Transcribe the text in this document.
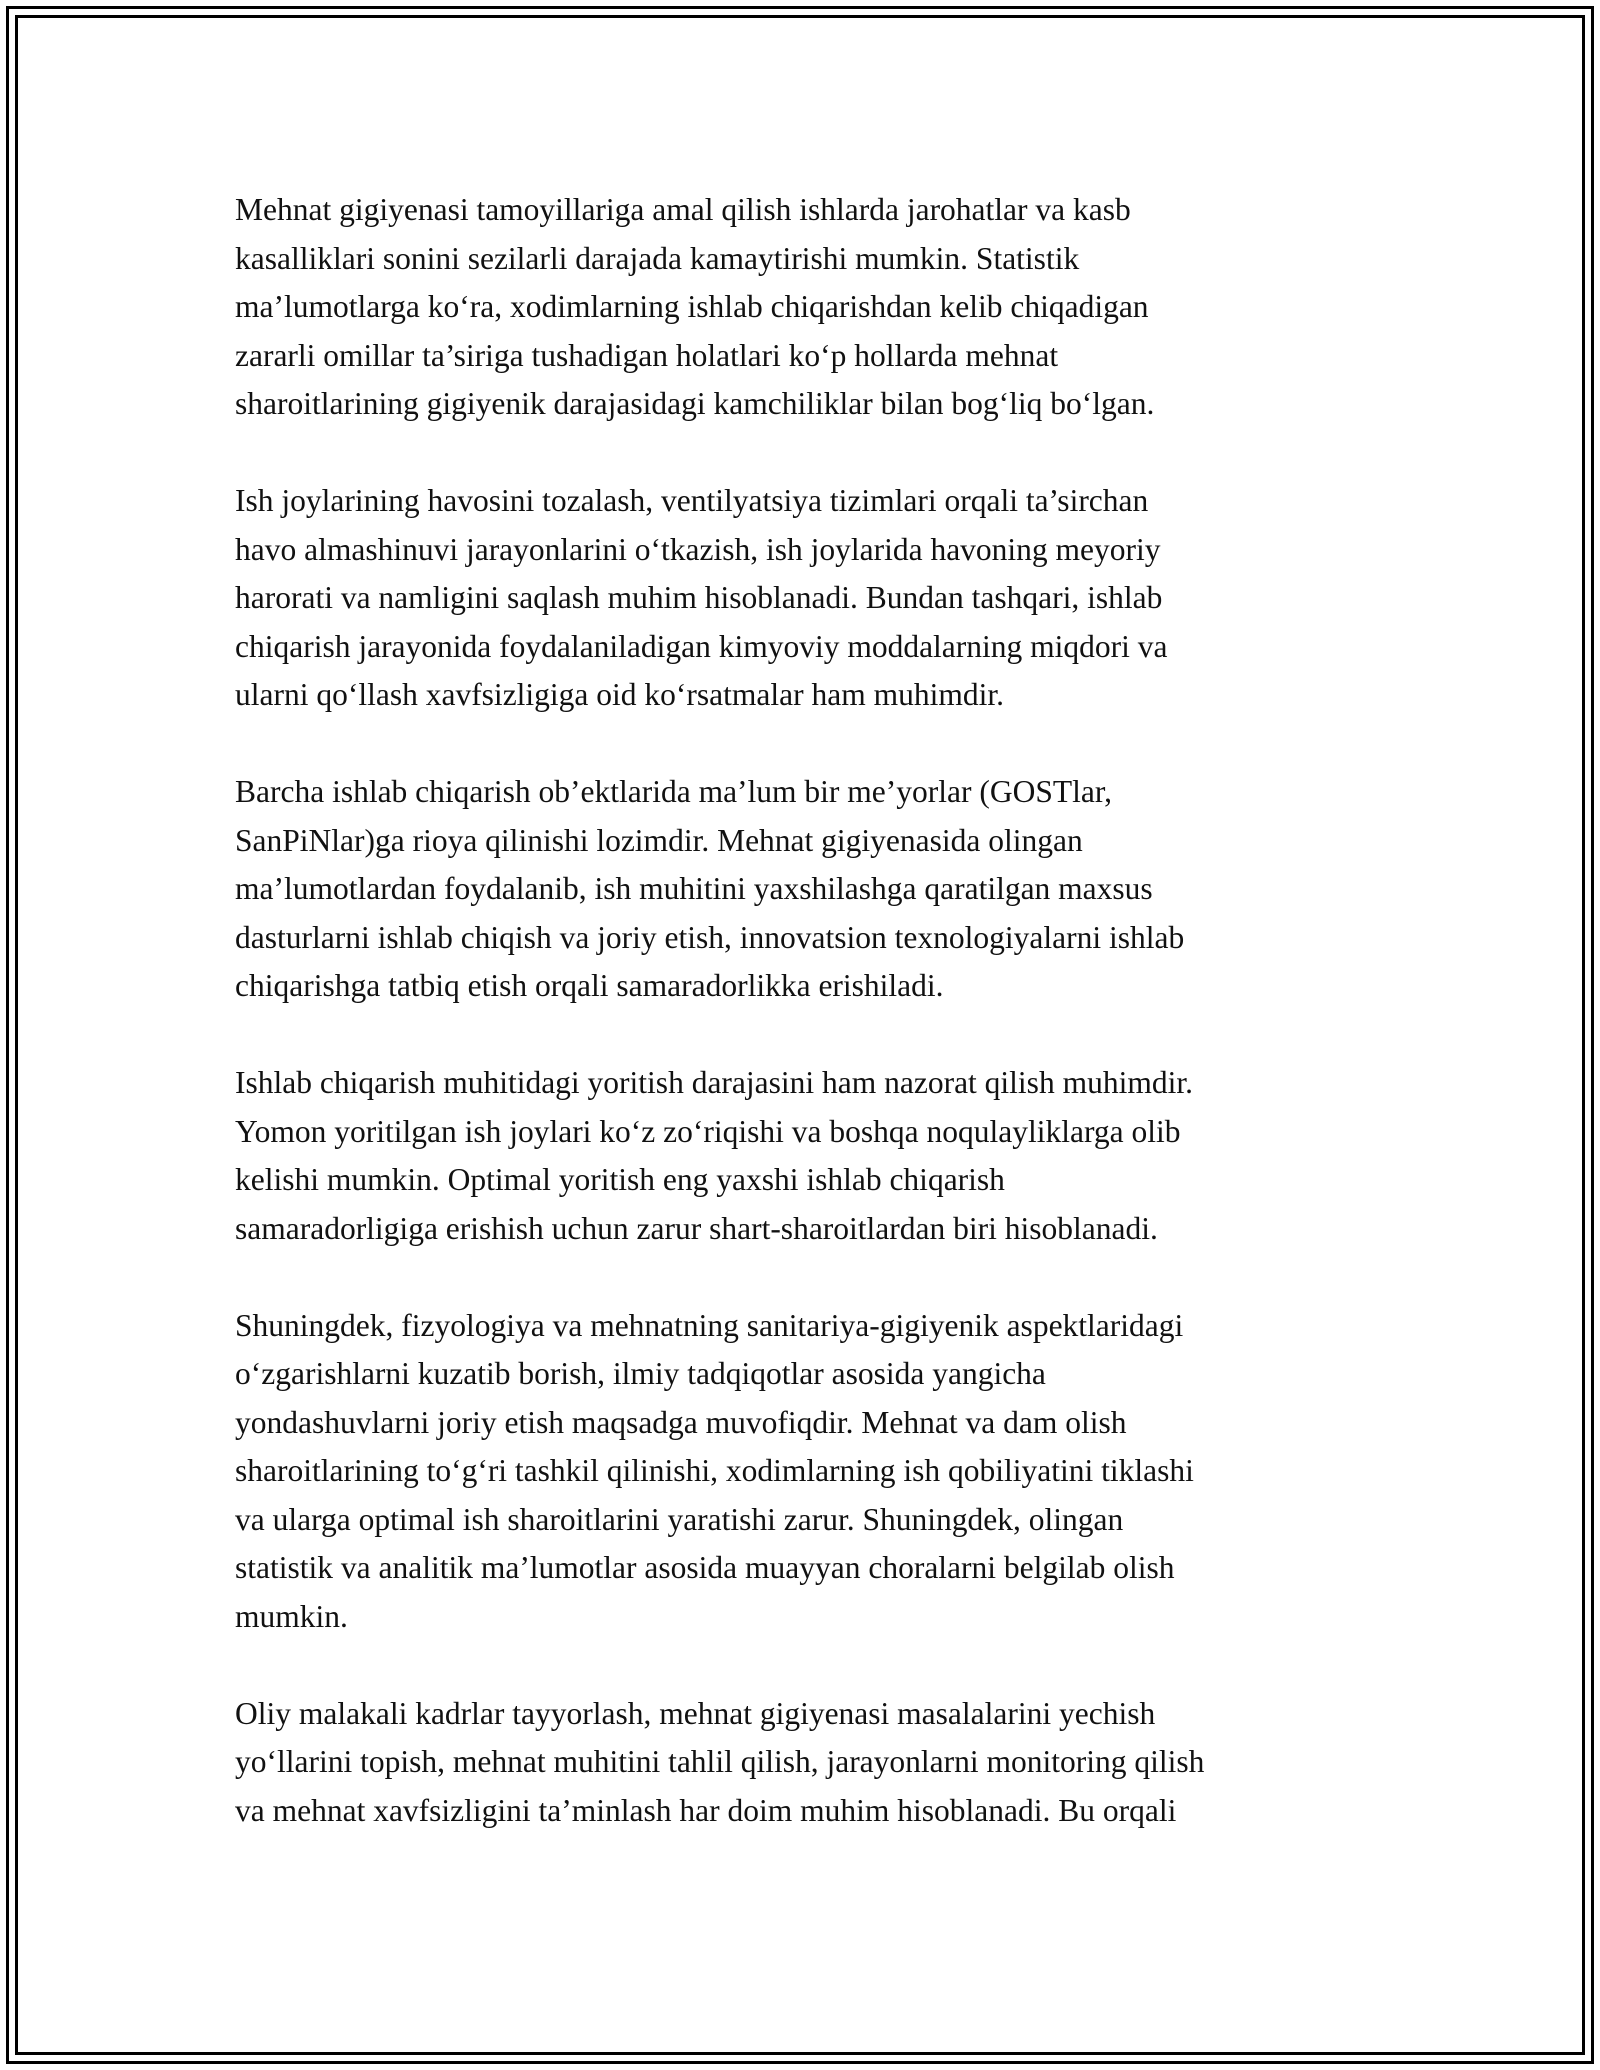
Mehnat gigiyenasi tamoyillariga amal qilish ishlarda jarohatlar va kasb
kasalliklari sonini sezilarli darajada kamaytirishi mumkin. Statistik
ma’lumotlarga ko‘ra, xodimlarning ishlab chiqarishdan kelib chiqadigan
zararli omillar ta’siriga tushadigan holatlari ko‘p hollarda mehnat
sharoitlarining gigiyenik darajasidagi kamchiliklar bilan bog‘liq bo‘lgan.

Ish joylarining havosini tozalash, ventilyatsiya tizimlari orqali ta’sirchan
havo almashinuvi jarayonlarini o‘tkazish, ish joylarida havoning meyoriy
harorati va namligini saqlash muhim hisoblanadi. Bundan tashqari, ishlab
chiqarish jarayonida foydalaniladigan kimyoviy moddalarning miqdori va
ularni qo‘llash xavfsizligiga oid ko‘rsatmalar ham muhimdir.

Barcha ishlab chiqarish ob’ektlarida ma’lum bir me’yorlar (GOSTlar,
SanPiNlar)ga rioya qilinishi lozimdir. Mehnat gigiyenasida olingan
ma’lumotlardan foydalanib, ish muhitini yaxshilashga qaratilgan maxsus
dasturlarni ishlab chiqish va joriy etish, innovatsion texnologiyalarni ishlab
chiqarishga tatbiq etish orqali samaradorlikka erishiladi.

Ishlab chiqarish muhitidagi yoritish darajasini ham nazorat qilish muhimdir.
Yomon yoritilgan ish joylari ko‘z zo‘riqishi va boshqa noqulayliklarga olib
kelishi mumkin. Optimal yoritish eng yaxshi ishlab chiqarish
samaradorligiga erishish uchun zarur shart-sharoitlardan biri hisoblanadi.

Shuningdek, fizyologiya va mehnatning sanitariya-gigiyenik aspektlaridagi
o‘zgarishlarni kuzatib borish, ilmiy tadqiqotlar asosida yangicha
yondashuvlarni joriy etish maqsadga muvofiqdir. Mehnat va dam olish
sharoitlarining to‘g‘ri tashkil qilinishi, xodimlarning ish qobiliyatini tiklashi
va ularga optimal ish sharoitlarini yaratishi zarur. Shuningdek, olingan
statistik va analitik ma’lumotlar asosida muayyan choralarni belgilab olish
mumkin.

Oliy malakali kadrlar tayyorlash, mehnat gigiyenasi masalalarini yechish
yo‘llarini topish, mehnat muhitini tahlil qilish, jarayonlarni monitoring qilish
va mehnat xavfsizligini ta’minlash har doim muhim hisoblanadi. Bu orqali
